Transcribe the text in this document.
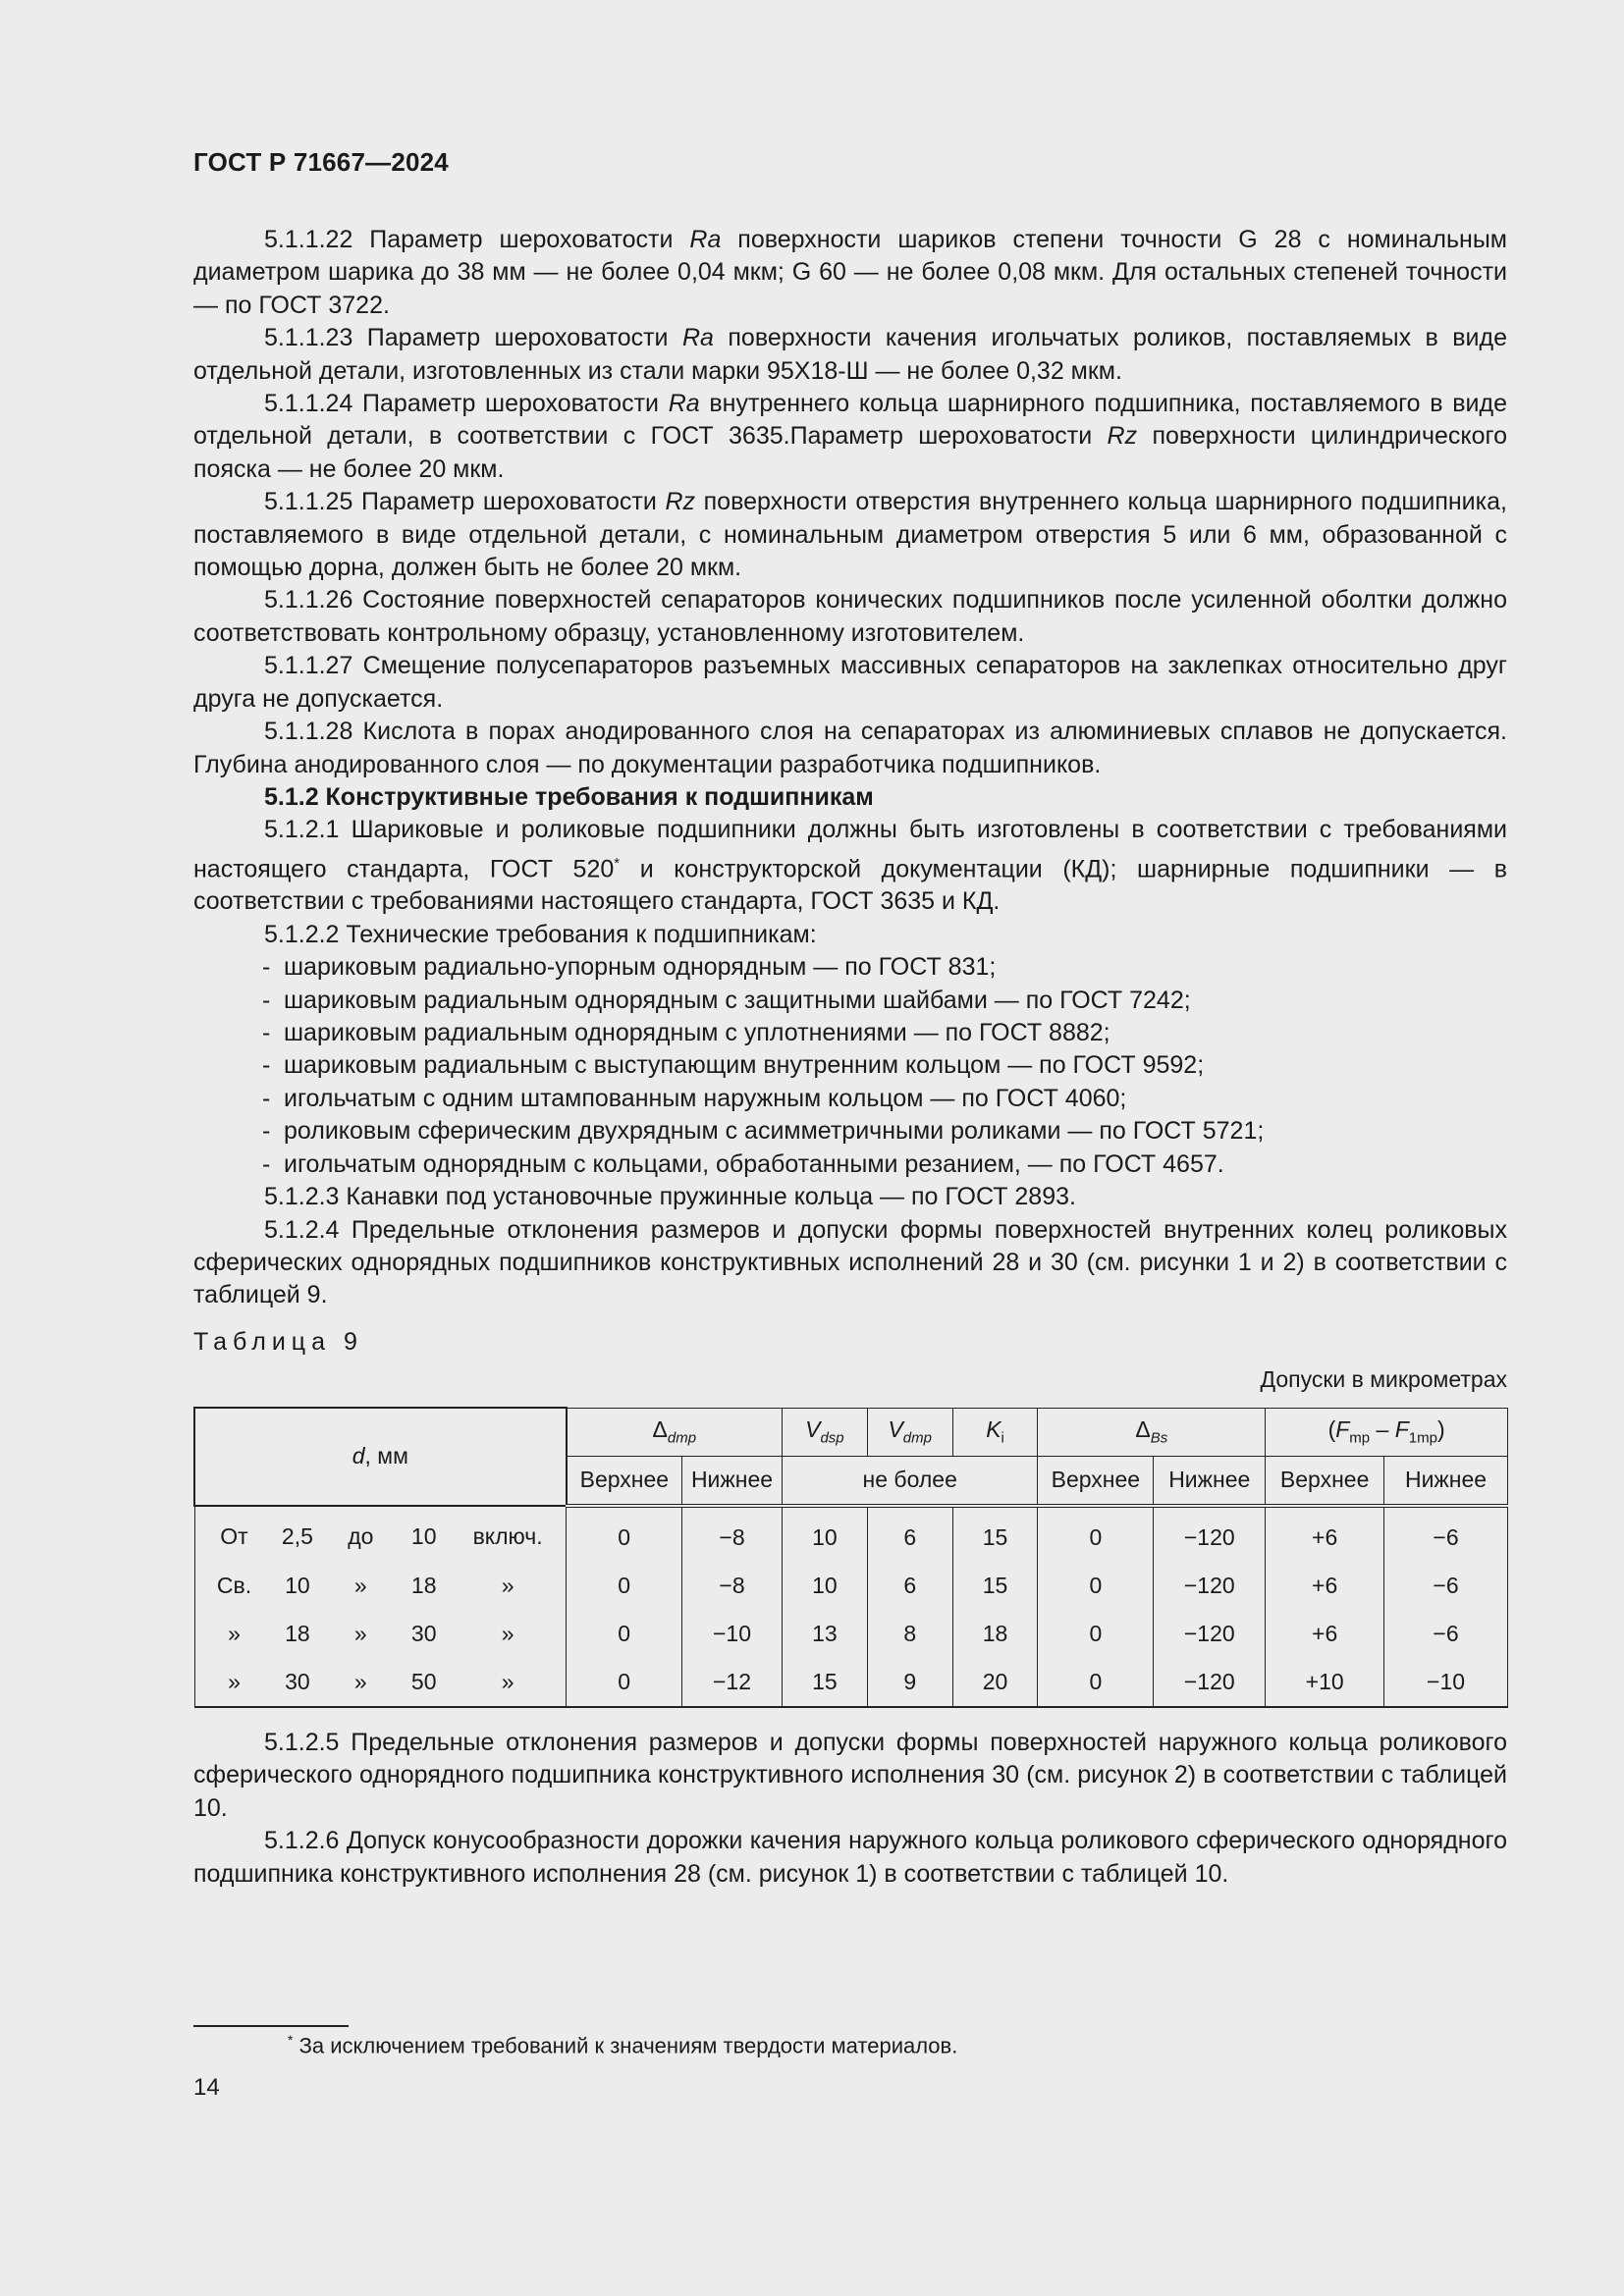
ГОСТ Р 71667—2024

5.1.1.22 Параметр шероховатости Ra поверхности шариков степени точности G 28 с номинальным диаметром шарика до 38 мм — не более 0,04 мкм; G 60 — не более 0,08 мкм. Для остальных степеней точности — по ГОСТ 3722.

5.1.1.23 Параметр шероховатости Ra поверхности качения игольчатых роликов, поставляемых в виде отдельной детали, изготовленных из стали марки 95Х18-Ш — не более 0,32 мкм.

5.1.1.24 Параметр шероховатости Ra внутреннего кольца шарнирного подшипника, поставляемого в виде отдельной детали, в соответствии с ГОСТ 3635.Параметр шероховатости Rz поверхности цилиндрического пояска — не более 20 мкм.

5.1.1.25 Параметр шероховатости Rz поверхности отверстия внутреннего кольца шарнирного подшипника, поставляемого в виде отдельной детали, с номинальным диаметром отверстия 5 или 6 мм, образованной с помощью дорна, должен быть не более 20 мкм.

5.1.1.26 Состояние поверхностей сепараторов конических подшипников после усиленной оболтки должно соответствовать контрольному образцу, установленному изготовителем.

5.1.1.27 Смещение полусепараторов разъемных массивных сепараторов на заклепках относительно друг друга не допускается.

5.1.1.28 Кислота в порах анодированного слоя на сепараторах из алюминиевых сплавов не допускается. Глубина анодированного слоя — по документации разработчика подшипников.

5.1.2 Конструктивные требования к подшипникам

5.1.2.1 Шариковые и роликовые подшипники должны быть изготовлены в соответствии с требованиями настоящего стандарта, ГОСТ 520* и конструкторской документации (КД); шарнирные подшипники — в соответствии с требованиями настоящего стандарта, ГОСТ 3635 и КД.

5.1.2.2 Технические требования к подшипникам:

- шариковым радиально-упорным однорядным — по ГОСТ 831;

- шариковым радиальным однорядным с защитными шайбами — по ГОСТ 7242;

- шариковым радиальным однорядным с уплотнениями — по ГОСТ 8882;

- шариковым радиальным с выступающим внутренним кольцом — по ГОСТ 9592;

- игольчатым с одним штампованным наружным кольцом — по ГОСТ 4060;

- роликовым сферическим двухрядным с асимметричными роликами — по ГОСТ 5721;

- игольчатым однорядным с кольцами, обработанными резанием, — по ГОСТ 4657.

5.1.2.3 Канавки под установочные пружинные кольца — по ГОСТ 2893.

5.1.2.4 Предельные отклонения размеров и допуски формы поверхностей внутренних колец роликовых сферических однорядных подшипников конструктивных исполнений 28 и 30 (см. рисунки 1 и 2) в соответствии с таблицей 9.

Таблица 9
Допуски в микрометрах
d, мм	$\Delta_{dmp}$		$V_{dsp}$	$V_{dmp}$	$K_i$	$\Delta_{Bs}$		$(F_{mp} - F_{1mp})$	
	Верхнее	Нижнее	не более			Верхнее	Нижнее	Верхнее	Нижнее

От 2,5 до 10 включ.	0	−8	10	6	15	0	−120	+6	−6

Св. 10 » 18 »	0	−8	10	6	15	0	−120	+6	−6

» 18 » 30 »	0	−10	13	8	18	0	−120	+6	−6

» 30 » 50 »	0	−12	15	9	20	0	−120	+10	−10

5.1.2.5 Предельные отклонения размеров и допуски формы поверхностей наружного кольца роликового сферического однорядного подшипника конструктивного исполнения 30 (см. рисунок 2) в соответствии с таблицей 10.

5.1.2.6 Допуск конусообразности дорожки качения наружного кольца роликового сферического однорядного подшипника конструктивного исполнения 28 (см. рисунок 1) в соответствии с таблицей 10.

* За исключением требований к значениям твердости материалов.
14
